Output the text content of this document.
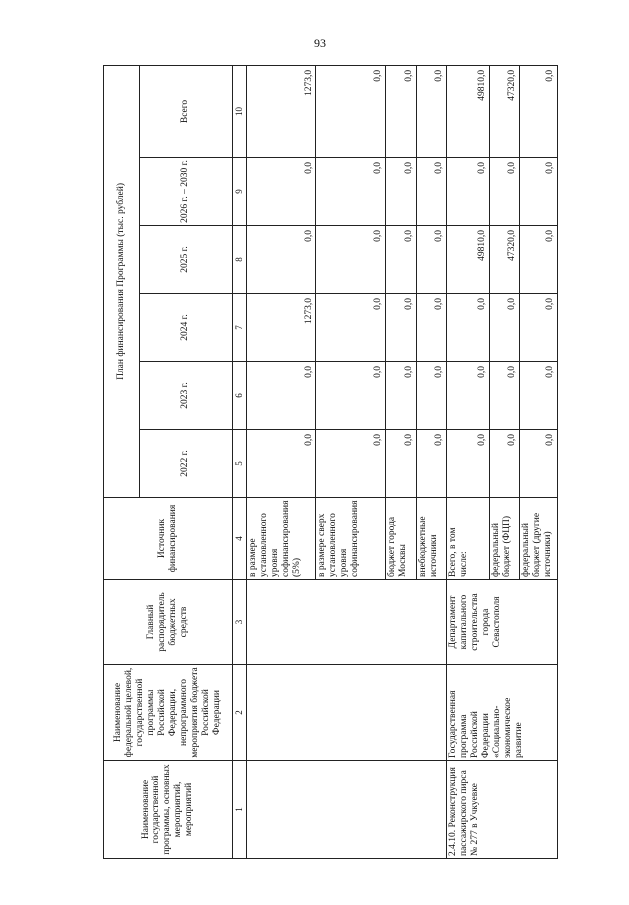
93
Наименование государственной программы, основных мероприятий, мероприятий	Наименование федеральной целевой, государственной программы Российской Федерации, непрограммного мероприятия бюджета Российской Федерации	Главный распорядитель бюджетных средств	Источник финансирования	План финансирования Программы (тыс. рублей)					
				2022 г.	2023 г.	2024 г.	2025 г.	2026 г. – 2030 г.	Всего
1	2	3	4	5	6	7	8	9	10
			в размере установленного уровня софинансирования (5%)	0,0	0,0	1273,0	0,0	0,0	1273,0
			в размере сверх установленного уровня софинансирования	0,0	0,0	0,0	0,0	0,0	0,0
			бюджет города Москвы	0,0	0,0	0,0	0,0	0,0	0,0
			внебюджетные источники	0,0	0,0	0,0	0,0	0,0	0,0
2.4.10. Реконструкция пассажирского пирса № 277 в Учкуевке	Государственная программа Российской Федерации «Социально-экономическое развитие	Департамент капитального строительства города Севастополя	Всего, в том числе:	0,0	0,0	0,0	49810,0	0,0	49810,0
			федеральный бюджет (ФЦП)	0,0	0,0	0,0	47320,0	0,0	47320,0
			федеральный бюджет (другие источники)	0,0	0,0	0,0	0,0	0,0	0,0
